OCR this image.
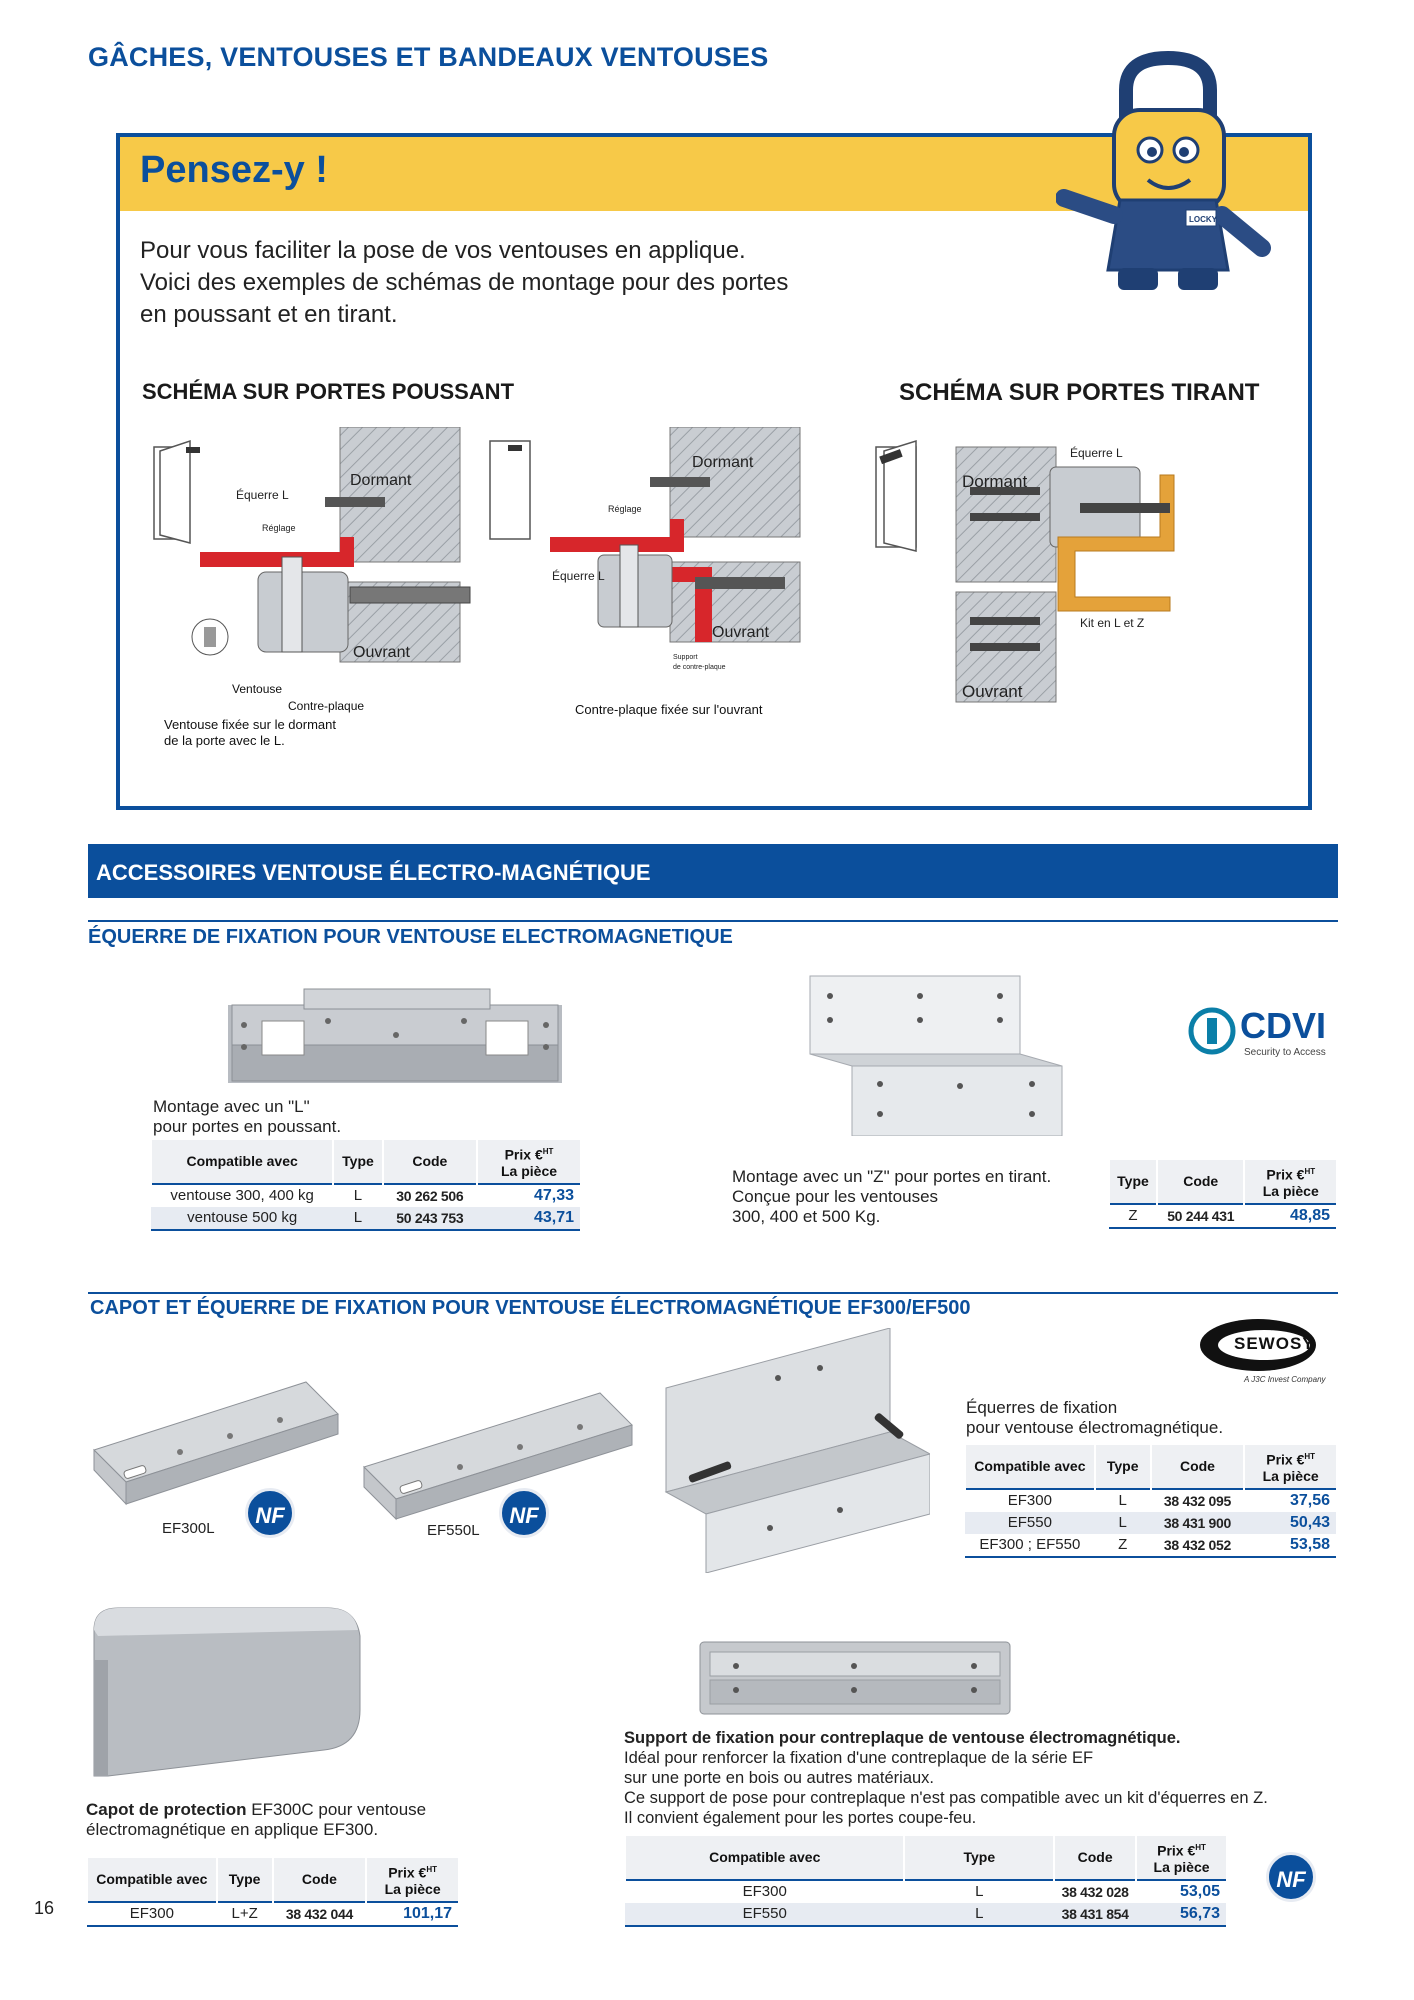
GÂCHES, VENTOUSES ET BANDEAUX VENTOUSES
Pensez-y !
Pour vous faciliter la pose de vos ventouses en applique.
Voici des exemples de schémas de montage pour des portes
en poussant et en tirant.
SCHÉMA SUR PORTES POUSSANT	SCHÉMA SUR PORTES TIRANT
Dormant
Ouvrant
Équerre L
Réglage
Ventouse
Contre-plaque
Ventouse fixée sur le dormant
de la porte avec le L.
Dormant
Ouvrant
Réglage
Équerre L
Support
de contre-plaque
Contre-plaque fixée sur l'ouvrant
Dormant
Ouvrant
Équerre L
Kit en L et Z
LOCKY
ACCESSOIRES VENTOUSE ÉLECTRO-MAGNÉTIQUE
ÉQUERRE DE FIXATION POUR VENTOUSE ELECTROMAGNETIQUE
Montage avec un "L"
pour portes en poussant.
Compatible avec	Type	Code	Prix €$^{HT}$
La pièce
ventouse 300, 400 kg	L	30 262 506	47,33
ventouse 500 kg	L	50 243 753	43,71
Montage avec un "Z" pour portes en tirant.
Conçue pour les ventouses
300, 400 et 500 Kg.
Type	Code	Prix €$^{HT}$
La pièce
Z	50 244 431	48,85
CDVI
Security to Access
CAPOT ET ÉQUERRE DE FIXATION POUR VENTOUSE ÉLECTROMAGNÉTIQUE EF300/EF500
SEWOSY
A J3C Invest Company
EF300L
NF
EF550L
NF
Équerres de fixation
pour ventouse électromagnétique.
Compatible avec	Type	Code	Prix €$^{HT}$
La pièce
EF300	L	38 432 095	37,56
EF550	L	38 431 900	50,43
EF300 ; EF550	Z	38 432 052	53,58
Capot de protection EF300C pour ventouse
électromagnétique en applique EF300.
Compatible avec	Type	Code	Prix €$^{HT}$
La pièce
EF300	L+Z	38 432 044	101,17
Support de fixation pour contreplaque de ventouse électromagnétique.
Idéal pour renforcer la fixation d'une contreplaque de la série EF
sur une porte en bois ou autres matériaux.
Ce support de pose pour contreplaque n'est pas compatible avec un kit d'équerres en Z.
Il convient également pour les portes coupe-feu.
Compatible avec	Type	Code	Prix €$^{HT}$
La pièce
EF300	L	38 432 028	53,05
EF550	L	38 431 854	56,73
NF
16
